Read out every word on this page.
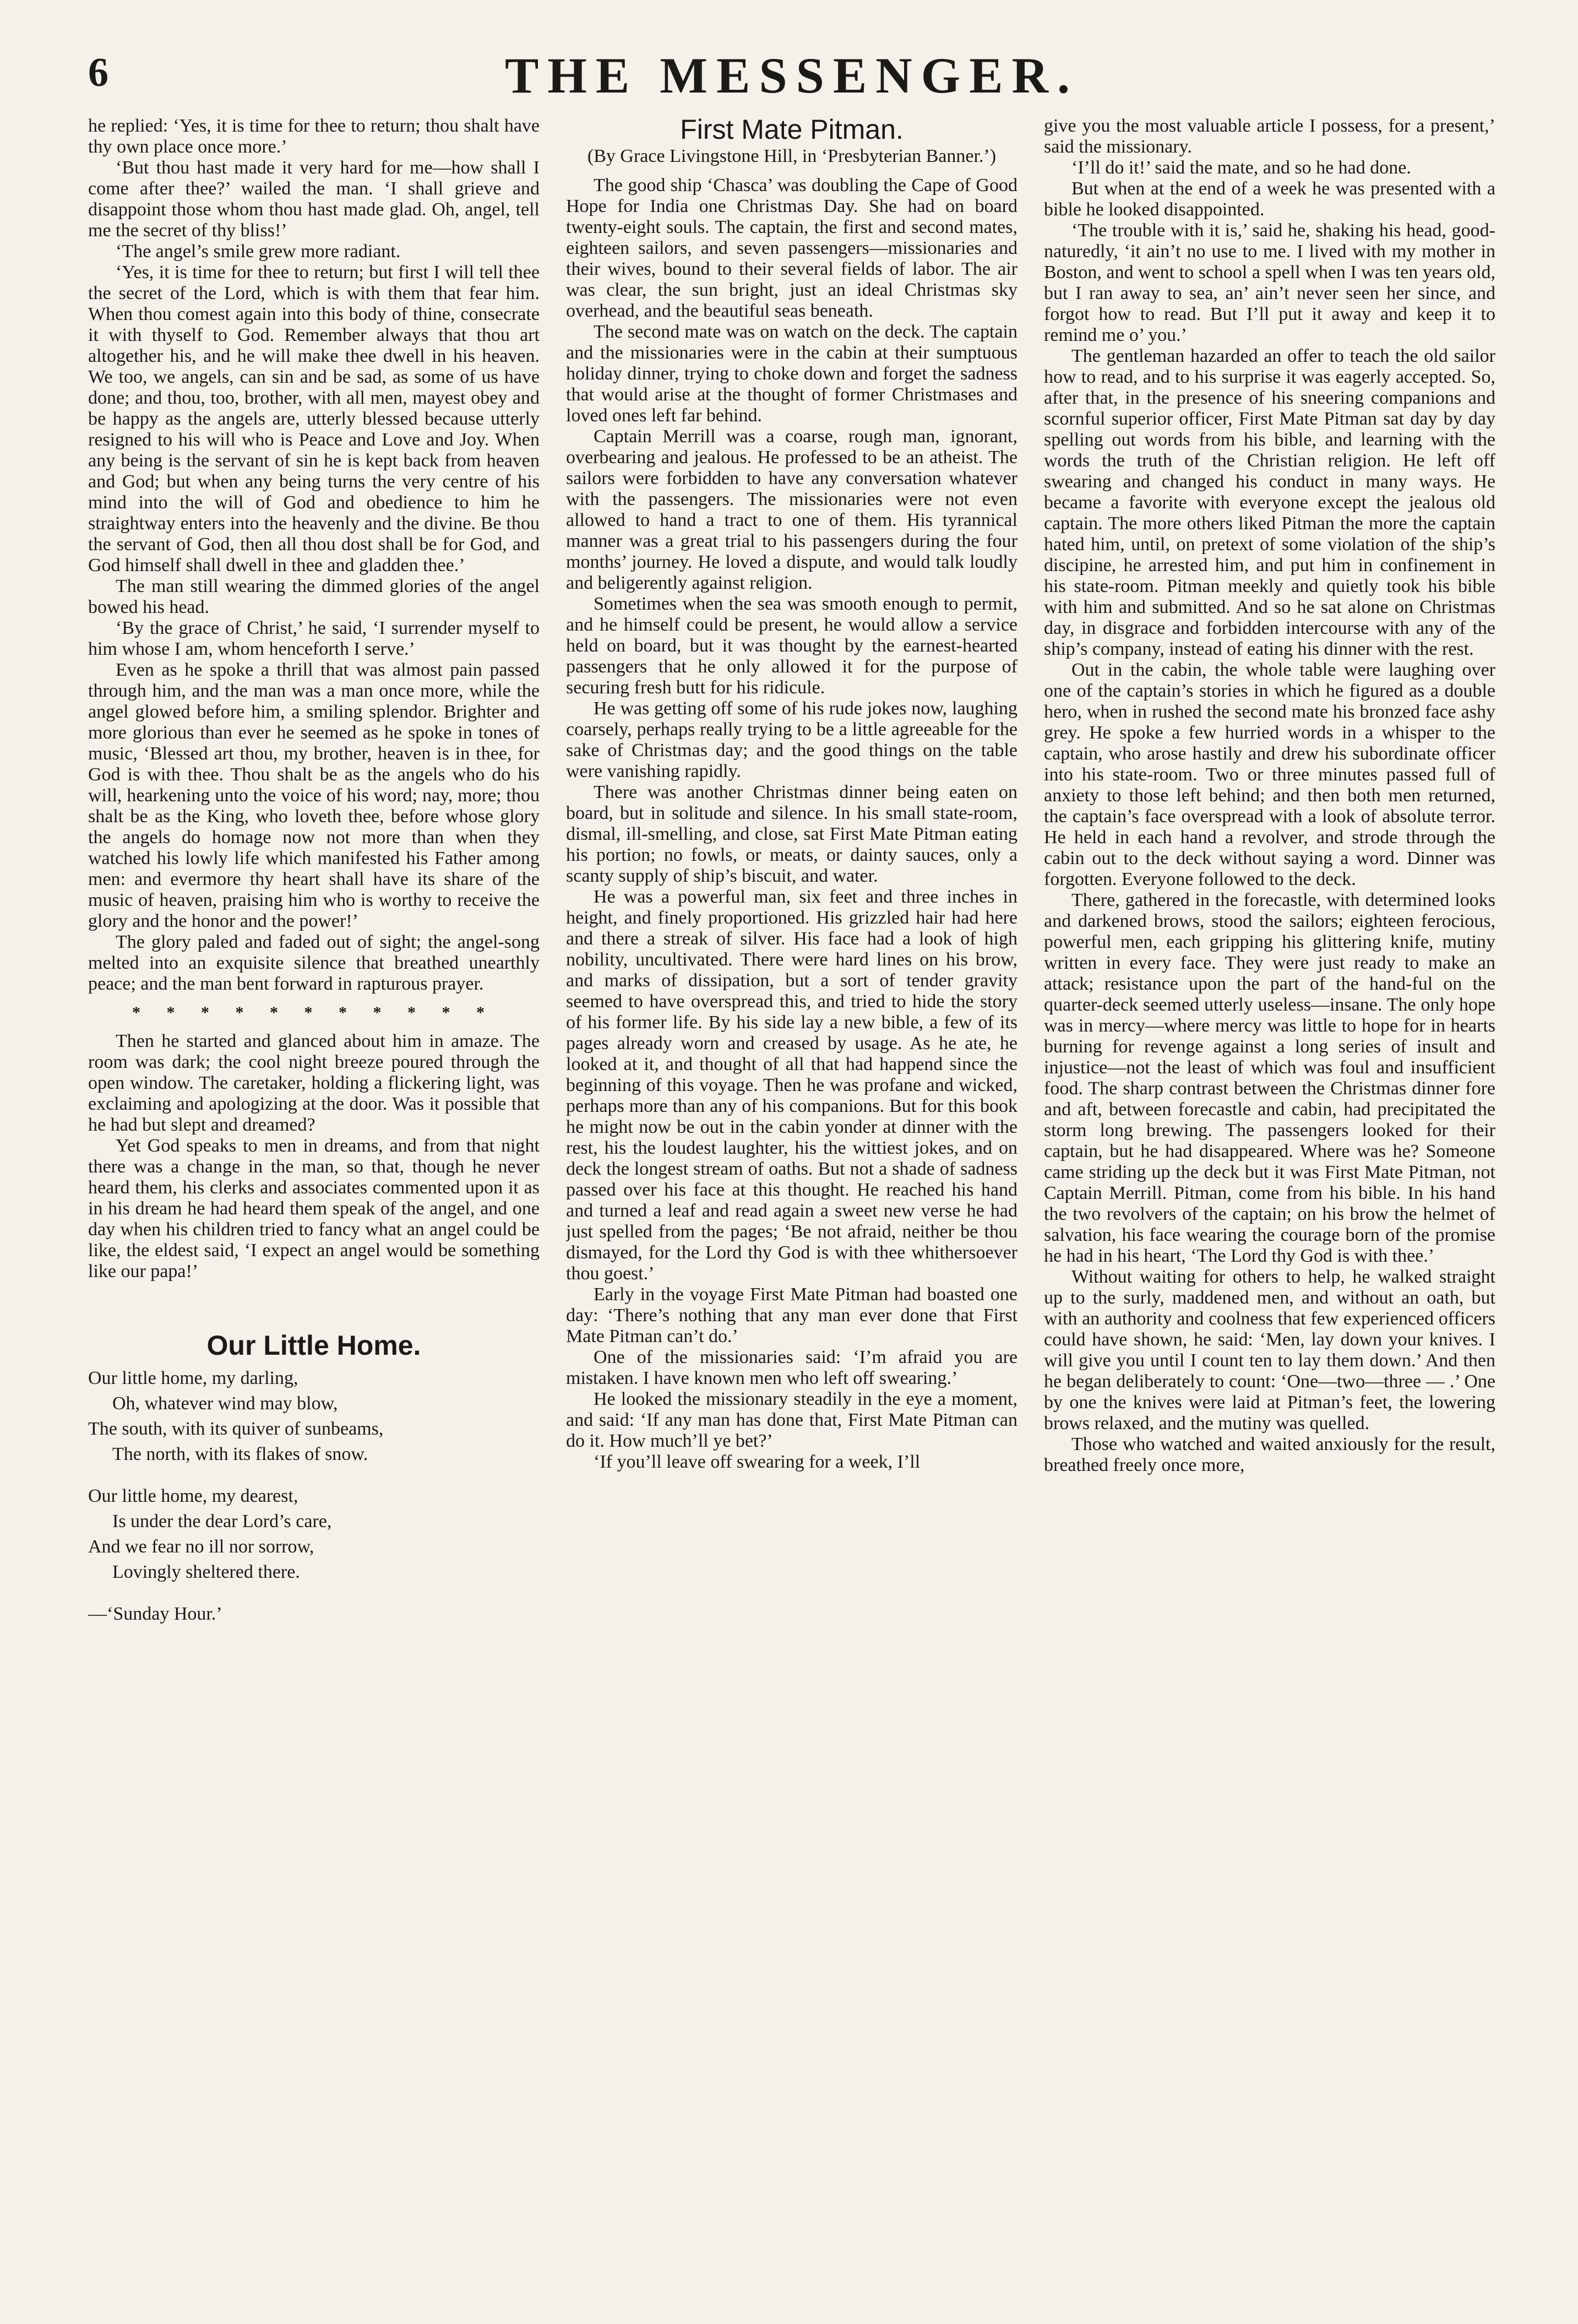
6	THE MESSENGER.

he replied: ‘Yes, it is time for thee to return; thou shalt have thy own place once more.’

‘But thou hast made it very hard for me—how shall I come after thee?’ wailed the man. ‘I shall grieve and disappoint those whom thou hast made glad. Oh, angel, tell me the secret of thy bliss!’

‘The angel’s smile grew more radiant.

‘Yes, it is time for thee to return; but first I will tell thee the secret of the Lord, which is with them that fear him. When thou comest again into this body of thine, consecrate it with thyself to God. Remember always that thou art altogether his, and he will make thee dwell in his heaven. We too, we angels, can sin and be sad, as some of us have done; and thou, too, brother, with all men, mayest obey and be happy as the angels are, utterly blessed because utterly resigned to his will who is Peace and Love and Joy. When any being is the servant of sin he is kept back from heaven and God; but when any being turns the very centre of his mind into the will of God and obedience to him he straightway enters into the heavenly and the divine. Be thou the servant of God, then all thou dost shall be for God, and God himself shall dwell in thee and gladden thee.’

The man still wearing the dimmed glories of the angel bowed his head.

‘By the grace of Christ,’ he said, ‘I surrender myself to him whose I am, whom henceforth I serve.’

Even as he spoke a thrill that was almost pain passed through him, and the man was a man once more, while the angel glowed before him, a smiling splendor. Brighter and more glorious than ever he seemed as he spoke in tones of music, ‘Blessed art thou, my brother, heaven is in thee, for God is with thee. Thou shalt be as the angels who do his will, hearkening unto the voice of his word; nay, more; thou shalt be as the King, who loveth thee, before whose glory the angels do homage now not more than when they watched his lowly life which manifested his Father among men: and evermore thy heart shall have its share of the music of heaven, praising him who is worthy to receive the glory and the honor and the power!’

The glory paled and faded out of sight; the angel-song melted into an exquisite silence that breathed unearthly peace; and the man bent forward in rapturous prayer.

* * * * * * * * * * *

Then he started and glanced about him in amaze. The room was dark; the cool night breeze poured through the open window. The caretaker, holding a flickering light, was exclaiming and apologizing at the door. Was it possible that he had but slept and dreamed?

Yet God speaks to men in dreams, and from that night there was a change in the man, so that, though he never heard them, his clerks and associates commented upon it as in his dream he had heard them speak of the angel, and one day when his children tried to fancy what an angel could be like, the eldest said, ‘I expect an angel would be something like our papa!’

Our Little Home.
Our little home, my darling,
Oh, whatever wind may blow,
The south, with its quiver of sunbeams,
The north, with its flakes of snow.
Our little home, my dearest,
Is under the dear Lord’s care,
And we fear no ill nor sorrow,
Lovingly sheltered there.
—‘Sunday Hour.’
First Mate Pitman.
(By Grace Livingstone Hill, in ‘Presbyterian Banner.’)

The good ship ‘Chasca’ was doubling the Cape of Good Hope for India one Christmas Day. She had on board twenty-eight souls. The captain, the first and second mates, eighteen sailors, and seven passengers—missionaries and their wives, bound to their several fields of labor. The air was clear, the sun bright, just an ideal Christmas sky overhead, and the beautiful seas beneath.

The second mate was on watch on the deck. The captain and the missionaries were in the cabin at their sumptuous holiday dinner, trying to choke down and forget the sadness that would arise at the thought of former Christmases and loved ones left far behind.

Captain Merrill was a coarse, rough man, ignorant, overbearing and jealous. He professed to be an atheist. The sailors were forbidden to have any conversation whatever with the passengers. The missionaries were not even allowed to hand a tract to one of them. His tyrannical manner was a great trial to his passengers during the four months’ journey. He loved a dispute, and would talk loudly and beligerently against religion.

Sometimes when the sea was smooth enough to permit, and he himself could be present, he would allow a service held on board, but it was thought by the earnest-hearted passengers that he only allowed it for the purpose of securing fresh butt for his ridicule.

He was getting off some of his rude jokes now, laughing coarsely, perhaps really trying to be a little agreeable for the sake of Christmas day; and the good things on the table were vanishing rapidly.

There was another Christmas dinner being eaten on board, but in solitude and silence. In his small state-room, dismal, ill-smelling, and close, sat First Mate Pitman eating his portion; no fowls, or meats, or dainty sauces, only a scanty supply of ship’s biscuit, and water.

He was a powerful man, six feet and three inches in height, and finely proportioned. His grizzled hair had here and there a streak of silver. His face had a look of high nobility, uncultivated. There were hard lines on his brow, and marks of dissipation, but a sort of tender gravity seemed to have overspread this, and tried to hide the story of his former life. By his side lay a new bible, a few of its pages already worn and creased by usage. As he ate, he looked at it, and thought of all that had happend since the beginning of this voyage. Then he was profane and wicked, perhaps more than any of his companions. But for this book he might now be out in the cabin yonder at dinner with the rest, his the loudest laughter, his the wittiest jokes, and on deck the longest stream of oaths. But not a shade of sadness passed over his face at this thought. He reached his hand and turned a leaf and read again a sweet new verse he had just spelled from the pages; ‘Be not afraid, neither be thou dismayed, for the Lord thy God is with thee whithersoever thou goest.’

Early in the voyage First Mate Pitman had boasted one day: ‘There’s nothing that any man ever done that First Mate Pitman can’t do.’

One of the missionaries said: ‘I’m afraid you are mistaken. I have known men who left off swearing.’

He looked the missionary steadily in the eye a moment, and said: ‘If any man has done that, First Mate Pitman can do it. How much’ll ye bet?’

‘If you’ll leave off swearing for a week, I’ll

give you the most valuable article I possess, for a present,’ said the missionary.

‘I’ll do it!’ said the mate, and so he had done.

But when at the end of a week he was presented with a bible he looked disappointed.

‘The trouble with it is,’ said he, shaking his head, good-naturedly, ‘it ain’t no use to me. I lived with my mother in Boston, and went to school a spell when I was ten years old, but I ran away to sea, an’ ain’t never seen her since, and forgot how to read. But I’ll put it away and keep it to remind me o’ you.’

The gentleman hazarded an offer to teach the old sailor how to read, and to his surprise it was eagerly accepted. So, after that, in the presence of his sneering companions and scornful superior officer, First Mate Pitman sat day by day spelling out words from his bible, and learning with the words the truth of the Christian religion. He left off swearing and changed his conduct in many ways. He became a favorite with everyone except the jealous old captain. The more others liked Pitman the more the captain hated him, until, on pretext of some violation of the ship’s discipine, he arrested him, and put him in confinement in his state-room. Pitman meekly and quietly took his bible with him and submitted. And so he sat alone on Christmas day, in disgrace and forbidden intercourse with any of the ship’s company, instead of eating his dinner with the rest.

Out in the cabin, the whole table were laughing over one of the captain’s stories in which he figured as a double hero, when in rushed the second mate his bronzed face ashy grey. He spoke a few hurried words in a whisper to the captain, who arose hastily and drew his subordinate officer into his state-room. Two or three minutes passed full of anxiety to those left behind; and then both men returned, the captain’s face overspread with a look of absolute terror. He held in each hand a revolver, and strode through the cabin out to the deck without saying a word. Dinner was forgotten. Everyone followed to the deck.

There, gathered in the forecastle, with determined looks and darkened brows, stood the sailors; eighteen ferocious, powerful men, each gripping his glittering knife, mutiny written in every face. They were just ready to make an attack; resistance upon the part of the hand-ful on the quarter-deck seemed utterly useless—insane. The only hope was in mercy—where mercy was little to hope for in hearts burning for revenge against a long series of insult and injustice—not the least of which was foul and insufficient food. The sharp contrast between the Christmas dinner fore and aft, between forecastle and cabin, had precipitated the storm long brewing. The passengers looked for their captain, but he had disappeared. Where was he? Someone came striding up the deck but it was First Mate Pitman, not Captain Merrill. Pitman, come from his bible. In his hand the two revolvers of the captain; on his brow the helmet of salvation, his face wearing the courage born of the promise he had in his heart, ‘The Lord thy God is with thee.’

Without waiting for others to help, he walked straight up to the surly, maddened men, and without an oath, but with an authority and coolness that few experienced officers could have shown, he said: ‘Men, lay down your knives. I will give you until I count ten to lay them down.’ And then he began deliberately to count: ‘One—two—three — .’ One by one the knives were laid at Pitman’s feet, the lowering brows relaxed, and the mutiny was quelled.

Those who watched and waited anxiously for the result, breathed freely once more,
